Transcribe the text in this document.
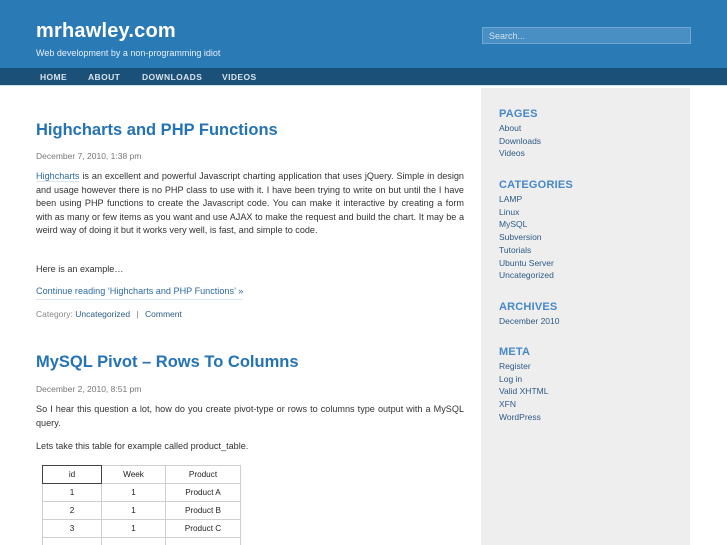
mrhawley.com
Web development by a non-programming idiot
Search...
HOME ABOUT	DOWNLOADS VIDEOS
Highcharts and PHP Functions
December 7, 2010, 1:38 pm
Highcharts is an excellent and powerful Javascript charting application that uses jQuery. Simple in design and usage however there is no PHP class to use with it. I have been trying to write on but until the I have been using PHP functions to create the Javascript code. You can make it interactive by creating a form with as many or few items as you want and use AJAX to make the request and build the chart. It may be a weird way of doing it but it works very well, is fast, and simple to code.
Here is an example…
Continue reading ‘Highcharts and PHP Functions’ »
Category: Uncategorized | Comment
MySQL Pivot – Rows To Columns
December 2, 2010, 8:51 pm
So I hear this question a lot, how do you create pivot-type or rows to columns type output with a MySQL query.
Lets take this table for example called product_table.
id	Week	Product
1	1	Product A
2	1	Product B
3	1	Product C

PAGES
About
Downloads
Videos
CATEGORIES
LAMP
Linux
MySQL
Subversion
Tutorials
Ubuntu Server
Uncategorized
ARCHIVES
December 2010
META
Register
Log in
Valid XHTML
XFN
WordPress
